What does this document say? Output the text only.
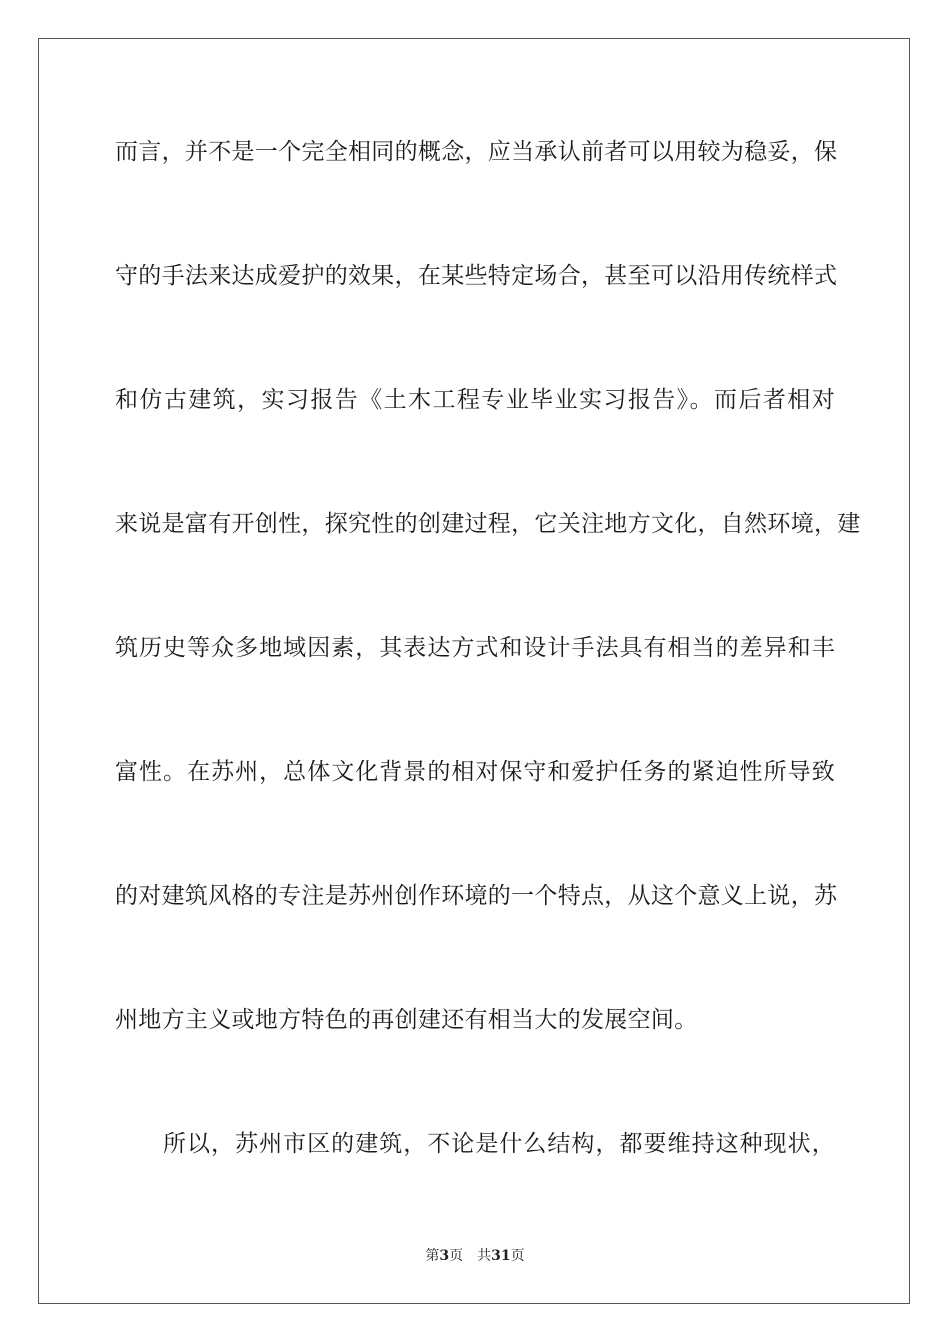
而言，并不是一个完全相同的概念，应当承认前者可以用较为稳妥，保
守的手法来达成爱护的效果，在某些特定场合，甚至可以沿用传统样式
和仿古建筑，实习报告《土木工程专业毕业实习报告》。而后者相对
来说是富有开创性，探究性的创建过程，它关注地方文化，自然环境，建
筑历史等众多地域因素，其表达方式和设计手法具有相当的差异和丰
富性。在苏州，总体文化背景的相对保守和爱护任务的紧迫性所导致
的对建筑风格的专注是苏州创作环境的一个特点，从这个意义上说，苏
州地方主义或地方特色的再创建还有相当大的发展空间。
所以，苏州市区的建筑，不论是什么结构，都要维持这种现状，
第3页 共31页
